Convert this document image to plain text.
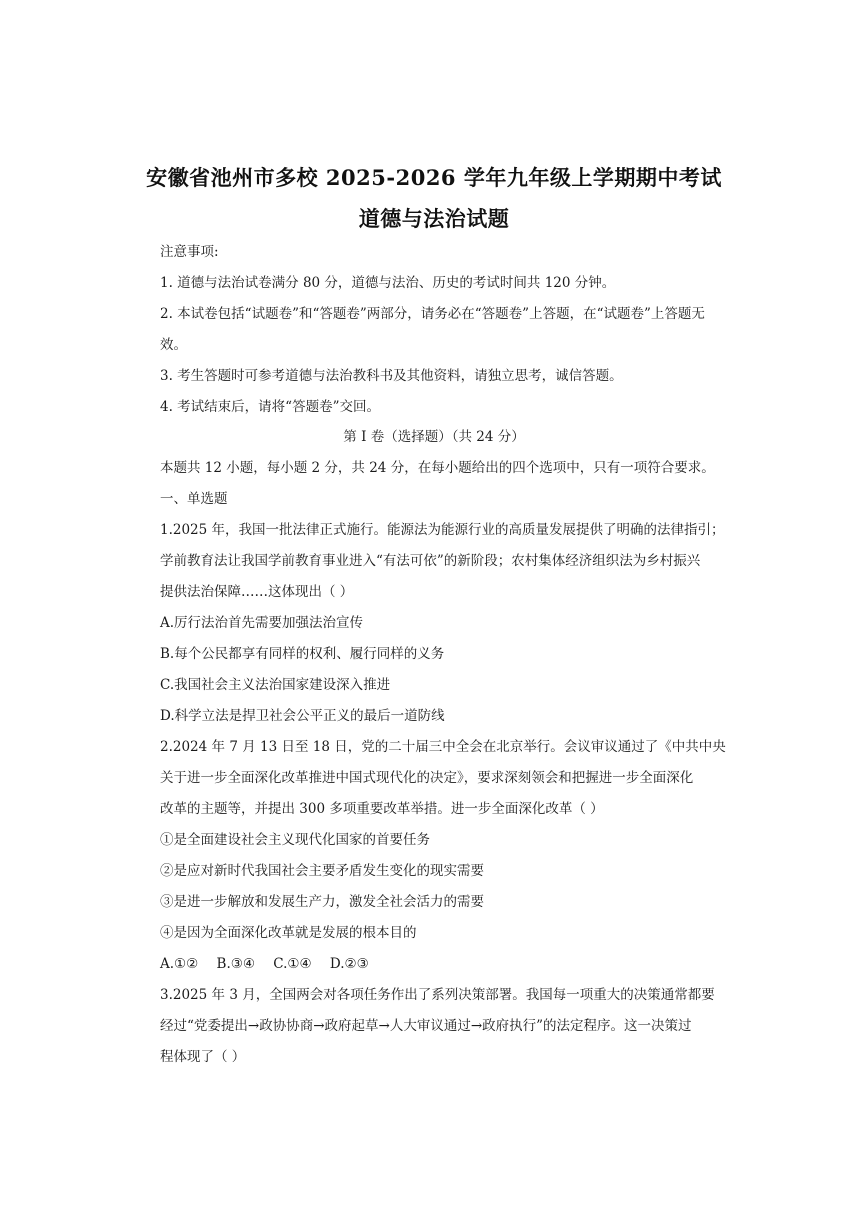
安徽省池州市多校 2025-2026 学年九年级上学期期中考试
道德与法治试题
注意事项:
1. 道德与法治试卷满分 80 分，道德与法治、历史的考试时间共 120 分钟。
2. 本试卷包括“试题卷”和“答题卷”两部分，请务必在“答题卷”上答题，在“试题卷”上答题无
效。
3. 考生答题时可参考道德与法治教科书及其他资料，请独立思考，诚信答题。
4. 考试结束后，请将“答题卷”交回。
第 I 卷（选择题）（共 24 分）
本题共 12 小题，每小题 2 分，共 24 分，在每小题给出的四个选项中，只有一项符合要求。
一、单选题
1.2025 年，我国一批法律正式施行。能源法为能源行业的高质量发展提供了明确的法律指引；
学前教育法让我国学前教育事业进入“有法可依”的新阶段；农村集体经济组织法为乡村振兴
提供法治保障……这体现出（ ）
A.厉行法治首先需要加强法治宣传
B.每个公民都享有同样的权利、履行同样的义务
C.我国社会主义法治国家建设深入推进
D.科学立法是捍卫社会公平正义的最后一道防线
2.2024 年 7 月 13 日至 18 日，党的二十届三中全会在北京举行。会议审议通过了《中共中央
关于进一步全面深化改革推进中国式现代化的决定》，要求深刻领会和把握进一步全面深化
改革的主题等，并提出 300 多项重要改革举措。进一步全面深化改革（ ）
①是全面建设社会主义现代化国家的首要任务
②是应对新时代我国社会主要矛盾发生变化的现实需要
③是进一步解放和发展生产力，激发全社会活力的需要
④是因为全面深化改革就是发展的根本目的
A.①② B.③④ C.①④ D.②③
3.2025 年 3 月，全国两会对各项任务作出了系列决策部署。我国每一项重大的决策通常都要
经过“党委提出→政协协商→政府起草→人大审议通过→政府执行”的法定程序。这一决策过
程体现了（ ）
